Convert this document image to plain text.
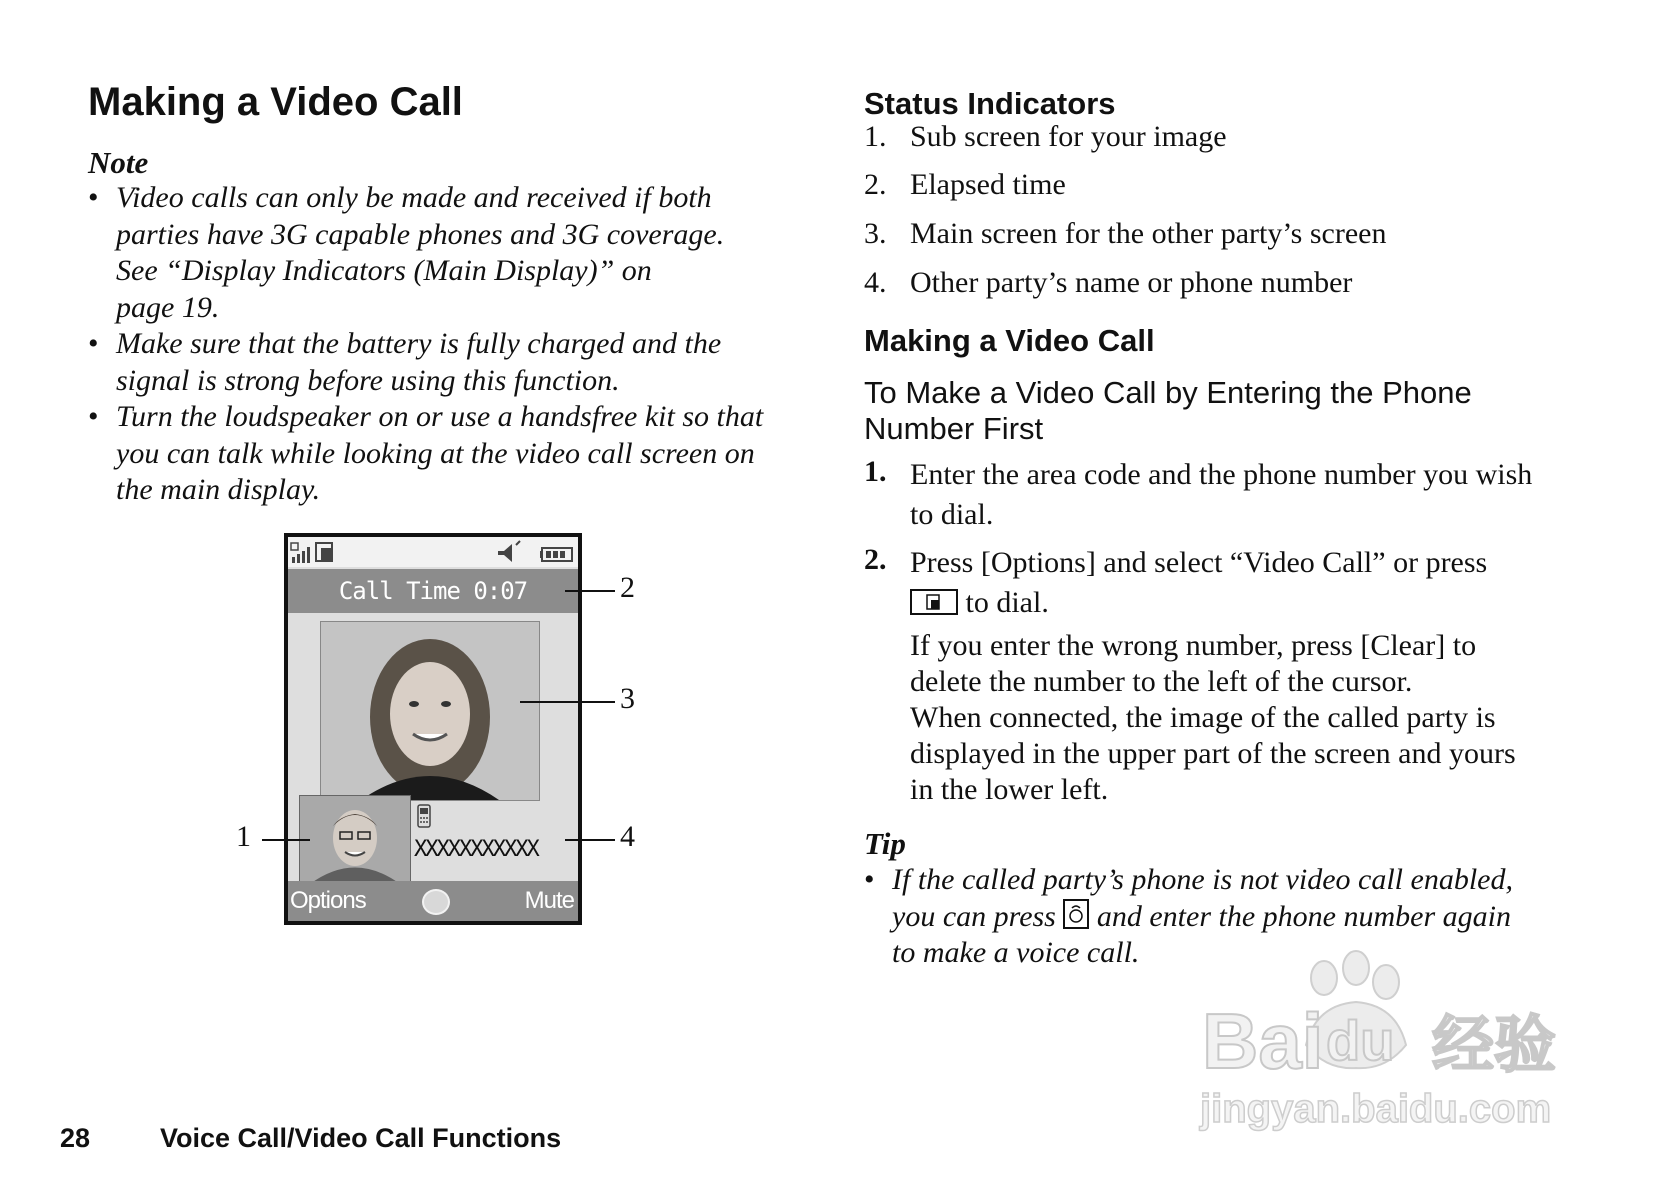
Making a Video Call
Note
• Video calls can only be made and received if both
parties have 3G capable phones and 3G coverage.
See “Display Indicators (Main Display)” on
page 19.
• Make sure that the battery is fully charged and the
signal is strong before using this function.
• Turn the loudspeaker on or use a handsfree kit so that
you can talk while looking at the video call screen on
the main display.
Call Time 0:07
XXXXXXXXXXX
Options	Mute
2
3
1	4
Status Indicators
1. Sub screen for your image
2. Elapsed time
3. Main screen for the other party’s screen
4. Other party’s name or phone number
Making a Video Call
To Make a Video Call by Entering the Phone
Number First
1. Enter the area code and the phone number you wish
to dial.
2. Press [Options] and select “Video Call” or press

to dial.
If you enter the wrong number, press [Clear] to
delete the number to the left of the cursor.
When connected, the image of the called party is
displayed in the upper part of the screen and yours
in the lower left.
Tip
• If the called party’s phone is not video call enabled,
you can press and enter the phone number again
to make a voice call.
28	Voice Call/Video Call Functions
Bai du 经验
jingyan.baidu.com
